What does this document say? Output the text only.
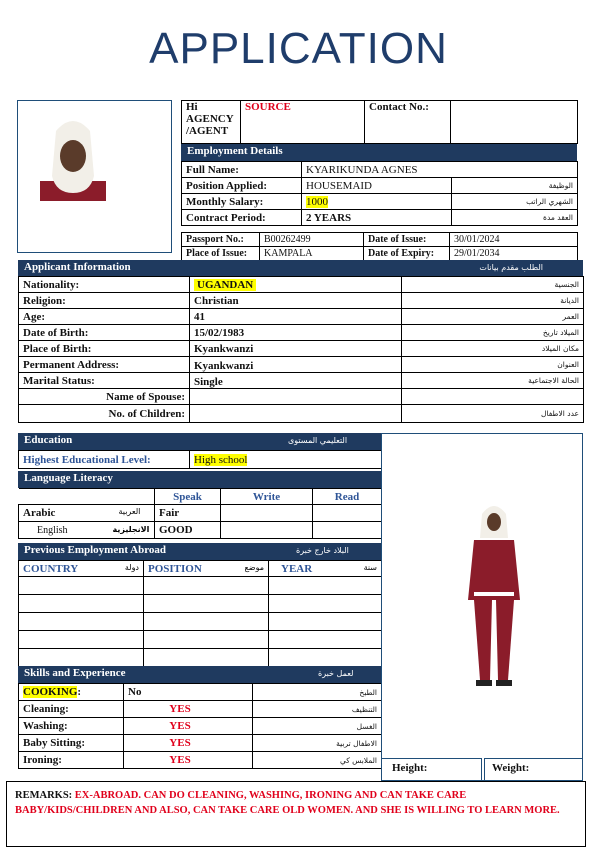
APPLICATION
Hi AGENCY /AGENT	SOURCE	Contact No.:	
Employment Details
Full Name:	KYARIKUNDA AGNES	
Position Applied:	HOUSEMAID	الوظيفة
Monthly Salary:	1000	الشهري الراتب
Contract Period:	2 YEARS	العقد مدة
Passport No.:	B00262499	Date of Issue:	30/01/2024
Place of Issue:	KAMPALA	Date of Expiry:	29/01/2034
Applicant Information	الطلب مقدم بيانات
Nationality:	UGANDAN	الجنسية
Religion:	Christian	الديانة
Age:	41	العمر
Date of Birth:	15/02/1983	الميلاد تاريخ
Place of Birth:	Kyankwanzi	مكان الميلاد
Permanent Address:	Kyankwanzi	العنوان
Marital Status:	Single	الحالة الاجتماعية
Name of Spouse:		
No. of Children:		عدد الاطفال
Education	التعليمي المستوى
Highest Educational Level:	High school
Language Literacy
	Speak	Write	Read
Arabic العربية	Fair		
English الانجليزية	GOOD		
Previous Employment Abroad	البلاد خارج خبرة
COUNTRY دولة	POSITION موضع	YEAR سنة

Skills and Experience	لعمل خبرة
COOKING:	No	الطبخ
Cleaning:	YES	التنظيف
Washing:	YES	الغسل
Baby Sitting:	YES	الاطفال تربية
Ironing:	YES	الملابس كي
Height:	Weight:
REMARKS: EX-ABROAD. CAN DO CLEANING, WASHING, IRONING AND CAN TAKE CARE BABY/KIDS/CHILDREN AND ALSO, CAN TAKE CARE OLD WOMEN. AND SHE IS WILLING TO LEARN MORE.
